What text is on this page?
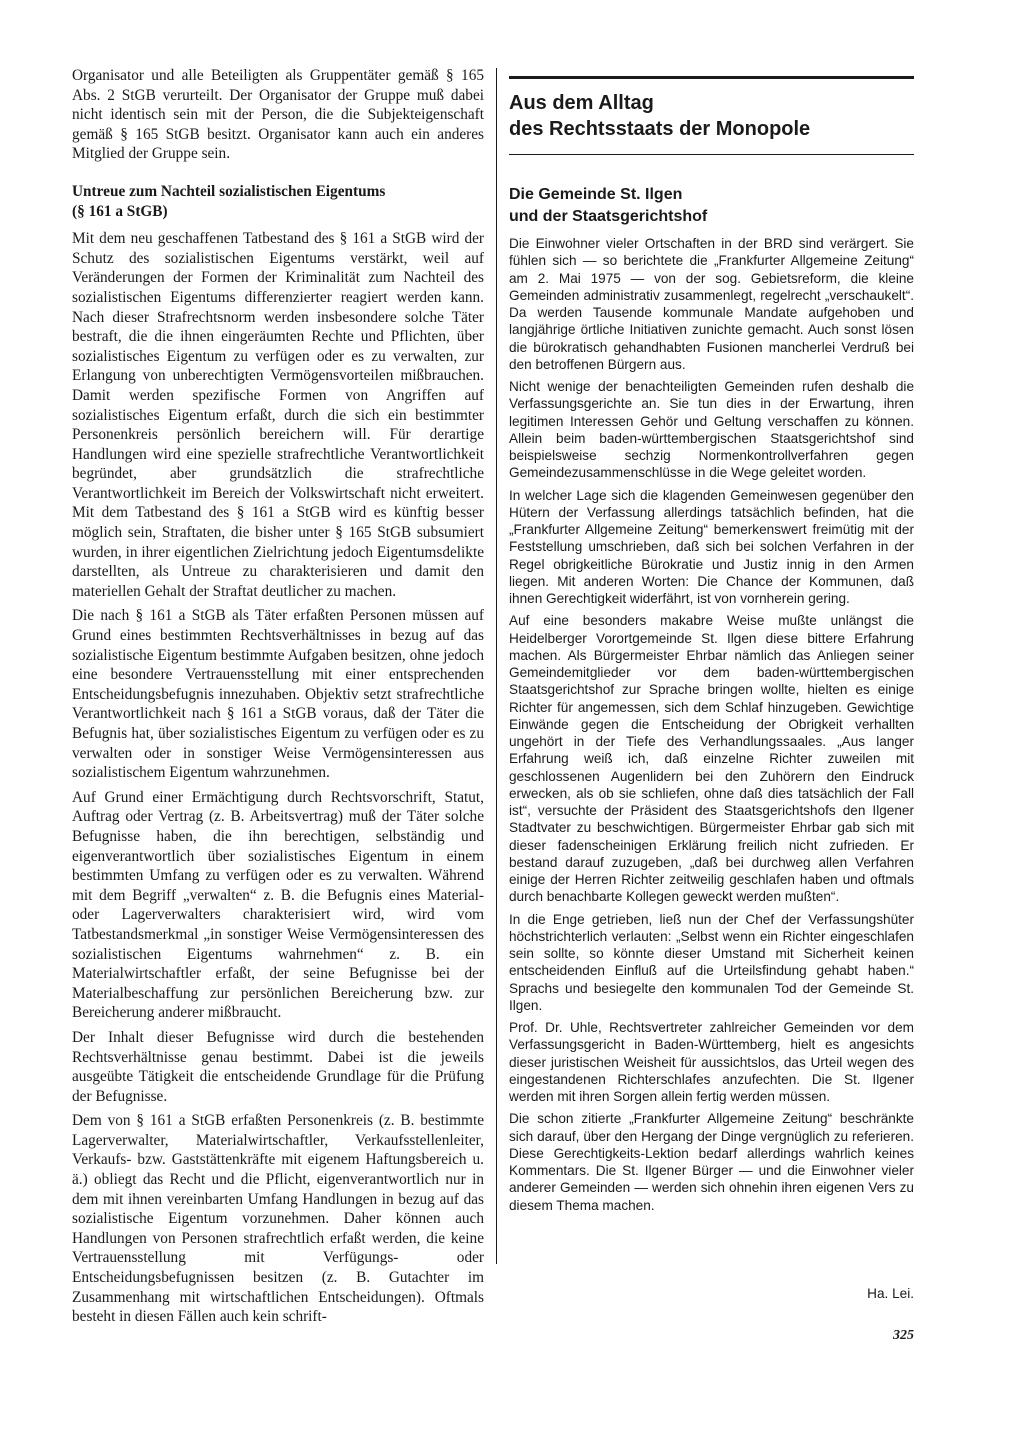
Organisator und alle Beteiligten als Gruppentäter gemäß § 165 Abs. 2 StGB verurteilt. Der Organisator der Gruppe muß dabei nicht identisch sein mit der Person, die die Subjekteigenschaft gemäß § 165 StGB besitzt. Organisator kann auch ein anderes Mitglied der Gruppe sein.

Untreue zum Nachteil sozialistischen Eigentums
(§ 161 a StGB)

Mit dem neu geschaffenen Tatbestand des § 161 a StGB wird der Schutz des sozialistischen Eigentums verstärkt, weil auf Veränderungen der Formen der Kriminalität zum Nachteil des sozialistischen Eigentums differenzierter reagiert werden kann. Nach dieser Strafrechtsnorm werden insbesondere solche Täter bestraft, die die ihnen eingeräumten Rechte und Pflichten, über sozialistisches Eigentum zu verfügen oder es zu verwalten, zur Erlangung von unberechtigten Vermögensvorteilen mißbrauchen. Damit werden spezifische Formen von Angriffen auf sozialistisches Eigentum erfaßt, durch die sich ein bestimmter Personenkreis persönlich bereichern will. Für derartige Handlungen wird eine spezielle strafrechtliche Verantwortlichkeit begründet, aber grundsätzlich die strafrechtliche Verantwortlichkeit im Bereich der Volkswirtschaft nicht erweitert. Mit dem Tatbestand des § 161 a StGB wird es künftig besser möglich sein, Straftaten, die bisher unter § 165 StGB subsumiert wurden, in ihrer eigentlichen Zielrichtung jedoch Eigentumsdelikte darstellten, als Untreue zu charakterisieren und damit den materiellen Gehalt der Straftat deutlicher zu machen.

Die nach § 161 a StGB als Täter erfaßten Personen müssen auf Grund eines bestimmten Rechtsverhältnisses in bezug auf das sozialistische Eigentum bestimmte Aufgaben besitzen, ohne jedoch eine besondere Vertrauensstellung mit einer entsprechenden Entscheidungsbefugnis innezuhaben. Objektiv setzt strafrechtliche Verantwortlichkeit nach § 161 a StGB voraus, daß der Täter die Befugnis hat, über sozialistisches Eigentum zu verfügen oder es zu verwalten oder in sonstiger Weise Vermögensinteressen aus sozialistischem Eigentum wahrzunehmen.

Auf Grund einer Ermächtigung durch Rechtsvorschrift, Statut, Auftrag oder Vertrag (z. B. Arbeitsvertrag) muß der Täter solche Befugnisse haben, die ihn berechtigen, selbständig und eigenverantwortlich über sozialistisches Eigentum in einem bestimmten Umfang zu verfügen oder es zu verwalten. Während mit dem Begriff „verwalten“ z. B. die Befugnis eines Material- oder Lagerverwalters charakterisiert wird, wird vom Tatbestandsmerkmal „in sonstiger Weise Vermögensinteressen des sozialistischen Eigentums wahrnehmen“ z. B. ein Materialwirtschaftler erfaßt, der seine Befugnisse bei der Materialbeschaffung zur persönlichen Bereicherung bzw. zur Bereicherung anderer mißbraucht.

Der Inhalt dieser Befugnisse wird durch die bestehenden Rechtsverhältnisse genau bestimmt. Dabei ist die jeweils ausgeübte Tätigkeit die entscheidende Grundlage für die Prüfung der Befugnisse.

Dem von § 161 a StGB erfaßten Personenkreis (z. B. bestimmte Lagerverwalter, Materialwirtschaftler, Verkaufsstellenleiter, Verkaufs- bzw. Gaststättenkräfte mit eigenem Haftungsbereich u. ä.) obliegt das Recht und die Pflicht, eigenverantwortlich nur in dem mit ihnen vereinbarten Umfang Handlungen in bezug auf das sozialistische Eigentum vorzunehmen. Daher können auch Handlungen von Personen strafrechtlich erfaßt werden, die keine Vertrauensstellung mit Verfügungs- oder Entscheidungsbefugnissen besitzen (z. B. Gutachter im Zusammenhang mit wirtschaftlichen Entscheidungen). Oftmals besteht in diesen Fällen auch kein schrift-

Aus dem Alltag
des Rechtsstaats der Monopole
Die Gemeinde St. Ilgen
und der Staatsgerichtshof

Die Einwohner vieler Ortschaften in der BRD sind verärgert. Sie fühlen sich — so berichtete die „Frankfurter Allgemeine Zeitung“ am 2. Mai 1975 — von der sog. Gebietsreform, die kleine Gemeinden administrativ zusammenlegt, regelrecht „verschaukelt“. Da werden Tausende kommunale Mandate aufgehoben und langjährige örtliche Initiativen zunichte gemacht. Auch sonst lösen die bürokratisch gehandhabten Fusionen mancherlei Verdruß bei den betroffenen Bürgern aus.

Nicht wenige der benachteiligten Gemeinden rufen deshalb die Verfassungsgerichte an. Sie tun dies in der Erwartung, ihren legitimen Interessen Gehör und Geltung verschaffen zu können. Allein beim baden-württembergischen Staatsgerichtshof sind beispielsweise sechzig Normenkontrollverfahren gegen Gemeindezusammenschlüsse in die Wege geleitet worden.

In welcher Lage sich die klagenden Gemeinwesen gegenüber den Hütern der Verfassung allerdings tatsächlich befinden, hat die „Frankfurter Allgemeine Zeitung“ bemerkenswert freimütig mit der Feststellung umschrieben, daß sich bei solchen Verfahren in der Regel obrigkeitliche Bürokratie und Justiz innig in den Armen liegen. Mit anderen Worten: Die Chance der Kommunen, daß ihnen Gerechtigkeit widerfährt, ist von vornherein gering.

Auf eine besonders makabre Weise mußte unlängst die Heidelberger Vorortgemeinde St. Ilgen diese bittere Erfahrung machen. Als Bürgermeister Ehrbar nämlich das Anliegen seiner Gemeindemitglieder vor dem baden-württembergischen Staatsgerichtshof zur Sprache bringen wollte, hielten es einige Richter für angemessen, sich dem Schlaf hinzugeben. Gewichtige Einwände gegen die Entscheidung der Obrigkeit verhallten ungehört in der Tiefe des Verhandlungssaales. „Aus langer Erfahrung weiß ich, daß einzelne Richter zuweilen mit geschlossenen Augenlidern bei den Zuhörern den Eindruck erwecken, als ob sie schliefen, ohne daß dies tatsächlich der Fall ist“, versuchte der Präsident des Staatsgerichtshofs den Ilgener Stadtvater zu beschwichtigen. Bürgermeister Ehrbar gab sich mit dieser fadenscheinigen Erklärung freilich nicht zufrieden. Er bestand darauf zuzugeben, „daß bei durchweg allen Verfahren einige der Herren Richter zeitweilig geschlafen haben und oftmals durch benachbarte Kollegen geweckt werden mußten“.

In die Enge getrieben, ließ nun der Chef der Verfassungshüter höchstrichterlich verlauten: „Selbst wenn ein Richter eingeschlafen sein sollte, so könnte dieser Umstand mit Sicherheit keinen entscheidenden Einfluß auf die Urteilsfindung gehabt haben.“ Sprachs und besiegelte den kommunalen Tod der Gemeinde St. Ilgen.

Prof. Dr. Uhle, Rechtsvertreter zahlreicher Gemeinden vor dem Verfassungsgericht in Baden-Württemberg, hielt es angesichts dieser juristischen Weisheit für aussichtslos, das Urteil wegen des eingestandenen Richterschlafes anzufechten. Die St. Ilgener werden mit ihren Sorgen allein fertig werden müssen.

Die schon zitierte „Frankfurter Allgemeine Zeitung“ beschränkte sich darauf, über den Hergang der Dinge vergnüglich zu referieren. Diese Gerechtigkeits-Lektion bedarf allerdings wahrlich keines Kommentars. Die St. Ilgener Bürger — und die Einwohner vieler anderer Gemeinden — werden sich ohnehin ihren eigenen Vers zu diesem Thema machen.

Ha. Lei.
325
